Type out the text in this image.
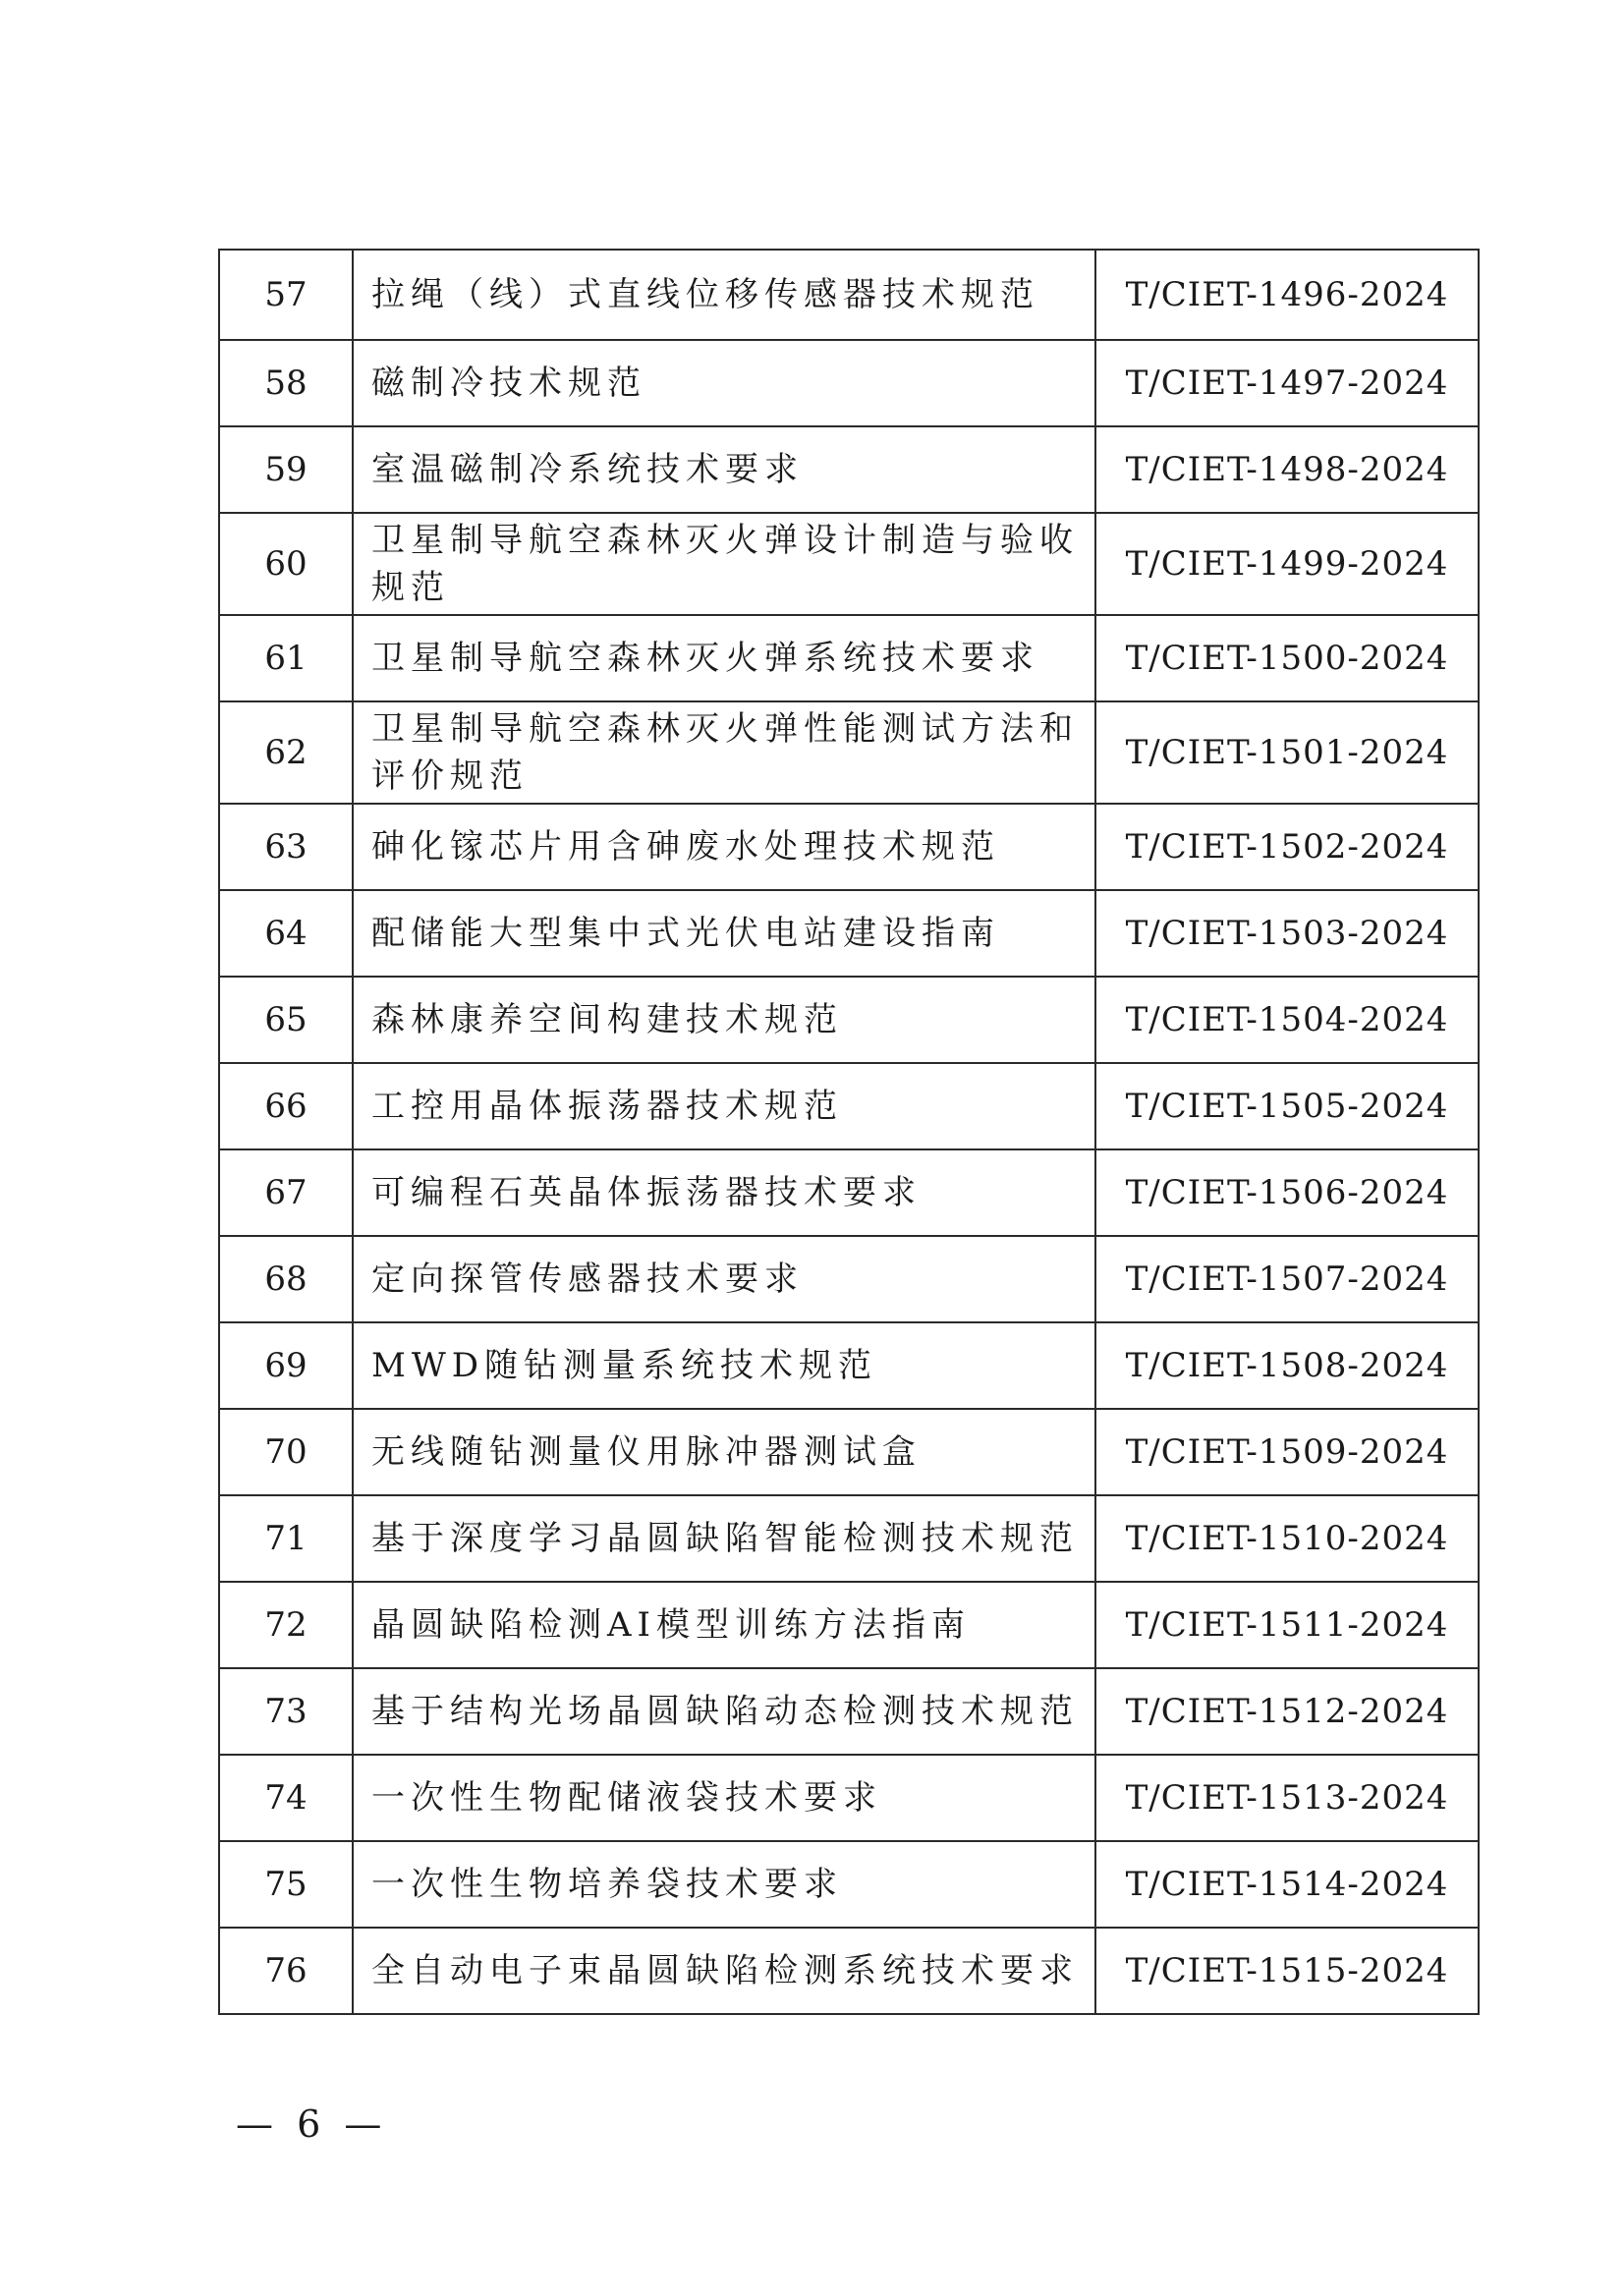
57	拉绳（线）式直线位移传感器技术规范	T/CIET-1496-2024
58	磁制冷技术规范	T/CIET-1497-2024
59	室温磁制冷系统技术要求	T/CIET-1498-2024
60	卫星制导航空森林灭火弹设计制造与验收规范	T/CIET-1499-2024
61	卫星制导航空森林灭火弹系统技术要求	T/CIET-1500-2024
62	卫星制导航空森林灭火弹性能测试方法和评价规范	T/CIET-1501-2024
63	砷化镓芯片用含砷废水处理技术规范	T/CIET-1502-2024
64	配储能大型集中式光伏电站建设指南	T/CIET-1503-2024
65	森林康养空间构建技术规范	T/CIET-1504-2024
66	工控用晶体振荡器技术规范	T/CIET-1505-2024
67	可编程石英晶体振荡器技术要求	T/CIET-1506-2024
68	定向探管传感器技术要求	T/CIET-1507-2024
69	MWD随钻测量系统技术规范	T/CIET-1508-2024
70	无线随钻测量仪用脉冲器测试盒	T/CIET-1509-2024
71	基于深度学习晶圆缺陷智能检测技术规范	T/CIET-1510-2024
72	晶圆缺陷检测AI模型训练方法指南	T/CIET-1511-2024
73	基于结构光场晶圆缺陷动态检测技术规范	T/CIET-1512-2024
74	一次性生物配储液袋技术要求	T/CIET-1513-2024
75	一次性生物培养袋技术要求	T/CIET-1514-2024
76	全自动电子束晶圆缺陷检测系统技术要求	T/CIET-1515-2024
— 6 —
